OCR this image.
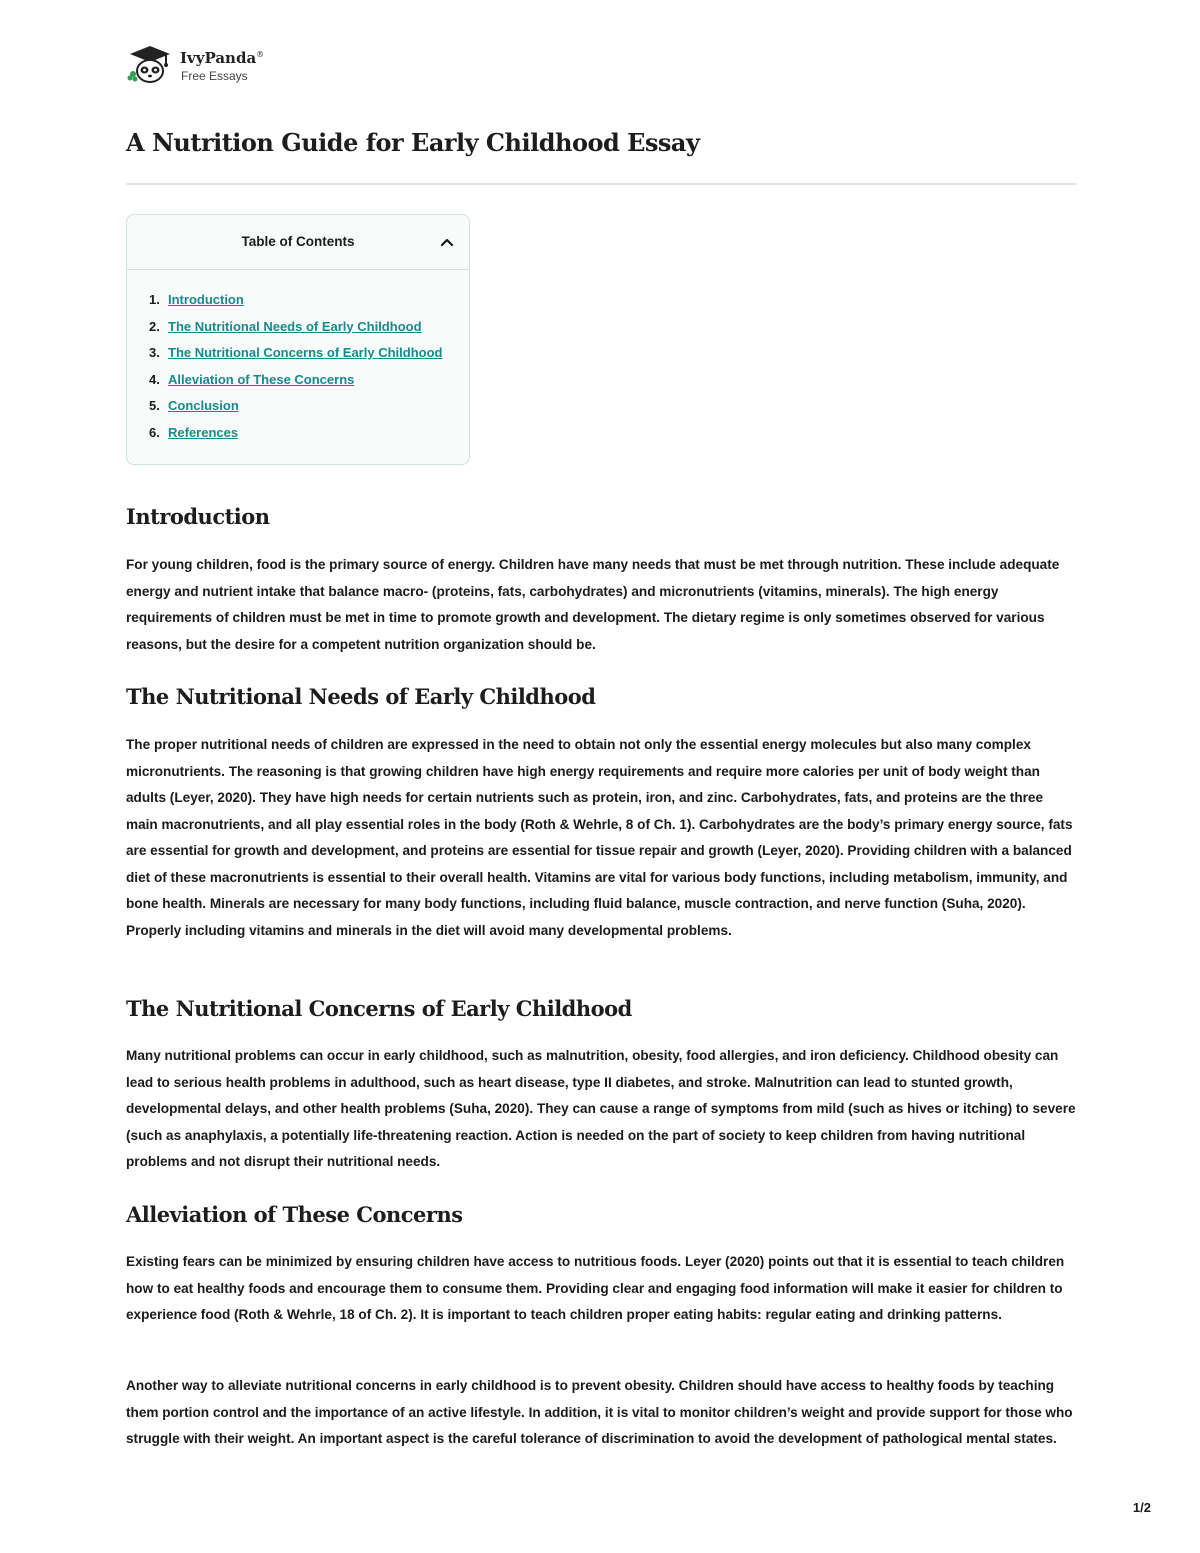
IvyPanda®
Free Essays
A Nutrition Guide for Early Childhood Essay
Table of Contents
1. Introduction
2. The Nutritional Needs of Early Childhood
3. The Nutritional Concerns of Early Childhood
4. Alleviation of These Concerns
5. Conclusion
6. References
Introduction

For young children, food is the primary source of energy. Children have many needs that must be met through nutrition. These include adequate energy and nutrient intake that balance macro- (proteins, fats, carbohydrates) and micronutrients (vitamins, minerals). The high energy requirements of children must be met in time to promote growth and development. The dietary regime is only sometimes observed for various reasons, but the desire for a competent nutrition organization should be.

The Nutritional Needs of Early Childhood

The proper nutritional needs of children are expressed in the need to obtain not only the essential energy molecules but also many complex micronutrients. The reasoning is that growing children have high energy requirements and require more calories per unit of body weight than adults (Leyer, 2020). They have high needs for certain nutrients such as protein, iron, and zinc. Carbohydrates, fats, and proteins are the three main macronutrients, and all play essential roles in the body (Roth & Wehrle, 8 of Ch. 1). Carbohydrates are the body’s primary energy source, fats are essential for growth and development, and proteins are essential for tissue repair and growth (Leyer, 2020). Providing children with a balanced diet of these macronutrients is essential to their overall health. Vitamins are vital for various body functions, including metabolism, immunity, and bone health. Minerals are necessary for many body functions, including fluid balance, muscle contraction, and nerve function (Suha, 2020). Properly including vitamins and minerals in the diet will avoid many developmental problems.

The Nutritional Concerns of Early Childhood

Many nutritional problems can occur in early childhood, such as malnutrition, obesity, food allergies, and iron deficiency. Childhood obesity can lead to serious health problems in adulthood, such as heart disease, type II diabetes, and stroke. Malnutrition can lead to stunted growth, developmental delays, and other health problems (Suha, 2020). They can cause a range of symptoms from mild (such as hives or itching) to severe (such as anaphylaxis, a potentially life-threatening reaction. Action is needed on the part of society to keep children from having nutritional problems and not disrupt their nutritional needs.

Alleviation of These Concerns

Existing fears can be minimized by ensuring children have access to nutritious foods. Leyer (2020) points out that it is essential to teach children how to eat healthy foods and encourage them to consume them. Providing clear and engaging food information will make it easier for children to experience food (Roth & Wehrle, 18 of Ch. 2). It is important to teach children proper eating habits: regular eating and drinking patterns.

Another way to alleviate nutritional concerns in early childhood is to prevent obesity. Children should have access to healthy foods by teaching them portion control and the importance of an active lifestyle. In addition, it is vital to monitor children’s weight and provide support for those who struggle with their weight. An important aspect is the careful tolerance of discrimination to avoid the development of pathological mental states.

1/2
